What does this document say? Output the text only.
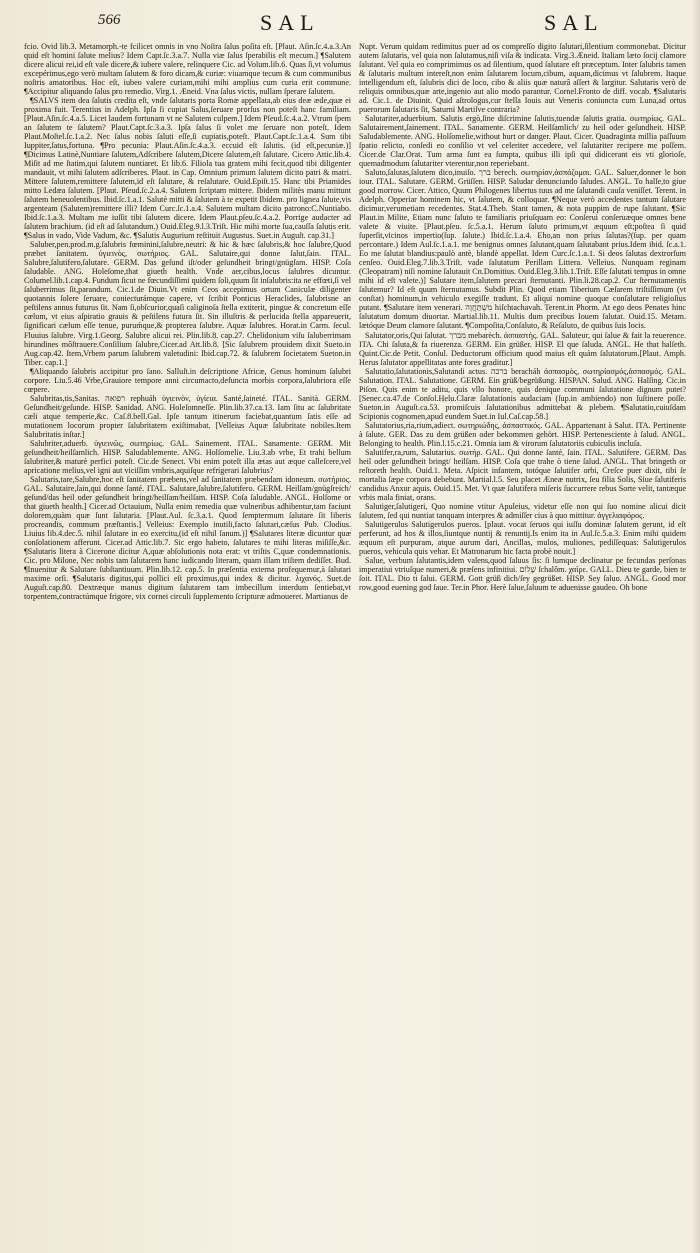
566	SAL	SAL

fcio. Ovid lib.3. Metamorph.-te fcilicet omnis in vno Noſtra ſalus poſita eſt. [Plaut. Aſin.ſc.4.a.3.An quid eſt homini ſalute melius? Idem Capt.ſc.3.a.7. Nulla viæ ſalus ſperabilis eſt mecum.] ¶Salutem dicere alicui rei,id eſt vale dicere,& iubere valere, relinquere Cic. ad Volum.lib.6. Quas ſi,vt volumus excepérimus,ego verò multam ſalutem & foro dicam,& curiæ: viuamque tecum & cum communibus noſtris amatoribus. Hoc eſt, iubeo valere curiam,mihi mihi amplius cum curia erit commune. ¶Accipitur aliquando ſalus pro remedio. Virg.1. Æneid. Vna ſalus victis, nullam ſperare ſalutem.

¶SALVS item dea ſalutis credita eſt, vnde ſalutaris porta Romæ appellata,ab eius deæ æde,quæ ei proxima fuit. Terentius in Adelph. Ipſa ſi cupiat Salus,ſeruare prorſus non poteſt hanc familiam. [Plaut.Aſin.ſc.4.a.5. Licet laudem fortunam vt ne Salutem culpem.] Idem Pſeud.ſc.4.a.2. Vtrum ſpem an ſalutem te ſalutem? Plaut.Capt.ſc.3.a.3. Ipſa ſalus ſi volet me ſeruare non poteſt. Idem Plaut.Moſtel.ſc.1.a.2. Nec ſalus nobis ſaluti eſſe,ſi cupiatis,poteſt. Plaut.Capt.ſc.1.a.4. Sum tibi Iuppiter,ſatus,fortuna. ¶Pro pecunia: Plaut.Aſin.ſc.4.a.3. eccuid eſt ſalutis. (id eſt,pecuniæ.)] ¶Dicimus Latinè,Nuntiare ſalutem,Adſcribere ſalutem,Dicere ſalutem,eſt ſalutare. Cicero Attic.lib.4. Miſit ad me ſtatim,qui ſalutem nuntiaret. Et lib.6. Filiola tua gratem mihi fecit,quod tibi diligenter mandauit, vt mihi ſalutem adſcriberes. Plaut. in Cap. Omnium primum ſalutem dicito patri & matri. Mittere ſalutem,remittere ſalutem,id eſt ſalutare, & reſalutare. Ouid.Epiſt.15. Hanc tibi Priamides mitto Ledæa ſalutem. [Plaut. Pſeud.ſc.2.a.4. Salutem ſcriptam mittere. Ibidem militès manu mittunt ſalutem beneuolentibus. Ibid.ſc.1.a.1. Salutè mitti & ſalutem à te expetit Ibidem. pro lignea ſalute,vis argenteam (Salutem)remittere illi? Idem Curc.ſc.1.a.4. Salutem multam dicito patrono:C.Nuntiabo. Ibid.ſc.1.a.3. Multam me iuſſit tibi ſalutem dicere. Idem Plaut.pſeu.ſc.4.a.2. Porrige audacter ad ſalutem brachium. (id eſt ad ſalutandum.) Ouid.Eleg.9.l.3.Triſt. Hic mihi morte ſua,cauſſa ſalutis erit. ¶Salus in vado, Vide Vadum, &c. ¶Salutis Augurium reſtituit Augustus. Suet.in Auguſt. cap.31.]

Saluber,pen.prod.m.g.ſalubris fœminini,ſalubre,neutri: & hic & hæc ſalubris,& hoc ſalubre,Quod præbet ſanitatem. ὑγιεινὸς, σωτήριος. GAL. Salutaire,qui donne ſalut,ſain. ITAL. Salubre,ſalutifero,ſalutare. GERM. Das geſund iſt/oder geſundheit bringt/gnügſam. HISP. Coſa ſaludable. ANG. Holeſome,that giueth health. Vnde aer,cibus,locus ſalubres dicuntur. Columel.lib.1.cap.4. Fundum ſicut ne fœcundiſſimi quidem ſoli,quum ſit inſalubris:ita ne effœti,ſi vel ſaluberrimus ſit,parandum. Cic.1.de Diuin.Vt enim Ceos accepimus ortum Caniculæ diligenter quotannis ſolere ſeruare, coniecturámque capere, vt ſcribit Ponticus Heraclides, ſalubrisne an peſtilens annus futurus ſit. Nam ſi,obſcurior,quaſi caliginoſa ſtella extiterit, pingue & concretum eſſe cælum, vt eius aſpiratio grauis & peſtilens futura ſit. Sin illuſtris & perlucida ſtella appareuerit, ſignificari cælum eſſe tenue, puruḿque,& propterea ſalubre. Aquæ ſalubres. Horat.in Carm. ſecul. Fluuius ſalubre. Virg.1.Georg. Salubre alicui rei. Plin.lib.8. cap.27. Chelidonium viſu ſaluberrimam hirundines mõſtrauere.Conſilium ſalubre,Cicer.ad Att.lib.8. [Sic ſalubrem prouidem dixit Sueto.in Aug.cap.42. Item,Vrbem parum ſalubrem valetudini: Ibid.cap.72. & ſalubrem ſocietatem Sueton.in Tiber. cap.1.]

¶Aliquando ſalubris accipitur pro ſano. Salluſt.in deſcriptione Africæ, Genus hominum ſalubri corpore. Liu.5.46 Vrbe,Grauiore tempore anni circumacto,defuncta morbis corpora,ſalubriora eſſe cœpere.

Salubritas,tis,Sanitas. רפואה rephuáh ὑγιεινὸν, ὑγίεια. Santé,ſaineté. ITAL. Sanità. GERM. Geſundheit/geſunde. HISP. Sanidad. ANG. Holeſomneſſe. Plin.lib.37.ca.13. Iam ſitu ac ſalubritate cæli atque temperie,&c. Caſ.8.bell.Gal. Ipſe tantum itinerum faciebat,quantum ſatis eſſe ad mutationem locorum propter ſalubritatem exiſtimabat. [Velleius Aquæ ſalubritate nobiles.Item Salubritatis inſtar.]

Salubriter,aduerb. ὑγιεινῶς, σωτηρίως. GAL. Sainement. ITAL. Sanamente. GERM. Mit geſundheit/heilſamlich. HISP. Saludablemente. ANG. Holſomelie. Liu.3.ab vrbe, Et trahi bellum ſalubriter,& maturè perfici poteſt. Cic.de Senect. Vbi enim poteſt illa ætas aut æque calleſcere,vel apricatione melius,vel igni aut viciſſim vmbris,aquiſque refrigerari ſalubrius?

Salutaris,tare,Salubre,hoc eſt ſanitatem præbens,vel ad ſanitatem præbendam idoneum. σωτήριος. GAL. Salutaire,ſain,qui donne ſanté. ITAL. Salutare,ſalubre,ſalutifero. GERM. Heilſam/gnügſreich/ geſund/das heil oder geſundheit bringt/heilſam/heilſam. HISP. Coſa ſaludable. ANGL. Holſome or that giueth health.] Cicer.ad Octauium, Nulla enim remedia quæ vulneribus adhibentur,tam faciunt dolorem,quàm quæ ſunt ſalutaria. [Plaut.Aul. ſc.3.a.1. Quod ſemptermum ſalutare ſit liberis procreandis, commum præſtantis.] Velleius: Exemplo inutili,facto ſalutari,cæſus Pub. Clodius. Liuius lib.4.dec.5. nihil ſalutare in eo exercitu,(id eſt nihil ſanum.)] ¶Salutares literæ dicuntur quæ conſolationem afferunt. Cicer.ad Attic.lib.7. Sic ergo habeto, ſalutares te mihi literas miſiſſe,&c. ¶Salutaris litera à Cicerone dicitur A,quæ abſolutionis nota erat: vt triſtis C,quæ condemnationis. Cic. pro Milone, Nec nobis tam ſalutarem hanc iudicando literam, quam illam triſtem dediſſet. Bud. ¶Inuenitur & Salutare ſubſtantiuum. Plin.lib.12. cap.5. In præſentia externa profequemur,à ſalutari maxime orſi. ¶Salutaris digitus,qui pollici eſt proximus,qui index & dicitur. λιχανός. Suet.de Auguſt.cap.80. Dextræque manus digitum ſalutarem tam imbecillum interdum ſentiebat,vt torpentem,contractúmque frigore, vix cornei circuli ſupplemento ſcripturæ admoueret. Martianus de

Nupt. Verum quidam redimitus puer ad os compreſſo digito ſalutari,ſilentium commonebat. Dicitur autem ſalutaris, vel quia non ſalutamus,niſi viſa & indicata. Virg.3.Æneid. Italiam læto ſocij clamore ſalutant. Vel quia eo comprimimus os ad ſilentium, quod ſalutare eſt præceptum. Inter ſalubris tamen & ſalutaris multum intereſt,non enim ſalutarem locum,cibum, aquam,dicimus vt ſalubrem. Itaque intelligendum eſt, ſalubris dici de loco, cibo & aliis quæ naturâ aſſert & largitur. Salutaris verò de reliquis omnibus,quæ arte,ingenio aut alio modo parantur. Cornel.Fronto de diff. vocab. ¶Salutaris ad. Cic.1. de Diuinit. Quid aſtrologus,cur ſtella Iouis aut Veneris coniuncta cum Luna,ad ortus puerorum ſalutaris ſit, Saturni Martiſve contraria?

Salutariter,aduerbium. Salutis ergò,ſine diſcrimine ſalutis,tuendæ ſalutis gratia. σωτηρίως. GAL. Salutairement,ſainement. ITAL. Sanamente. GERM. Heilſamlich/ zu heil oder geſundheit. HISP. Saludablemente. ANG. Holſomelie,without hurt or danger. Plaut. Cicer. Quadraginta millia paſſuum ſpatio relicto, conſedi eo conſilio vt vel celeriter accedere, vel ſalutariter recipere me poſſem. Cicer.de Clar.Orat. Tum arma ſunt ea ſumpta, quibus illi ipſi qui didicerant eis vti glorioſe, quemadmodum ſalutariter vterentur,non reperiebant.

Saluto,ſalutas,ſalutem dico,inuiſo. ברך berech. σωτηρίαν,ἀσπάζομαι. GAL. Saluer,donner le bon iour. ITAL. Salutare. GERM. Grüſſen. HISP. Saludar denunciando ſaludes. ANGL. To halſe,to giue good morrow. Cicer. Attico, Quum Philogenes libertus tuus ad me ſalutandi cauſa veniſſet. Terent. in Adelph. Opperiar hominem hic, vt ſalutem, & colloquar. ¶Neque verò accedentes tantum ſalutare dicimur,verumetiam recedentes. Stat.4.Theb. Stant tamen, & nota puppim de rupe ſalutant. ¶Sic Plaut.in Milite, Etiam nunc ſaluto te familiaris priuſquam eo: Conſerui conſeruæque omnes bene valete & viuite. [Plaut.pſeu. ſc.5.a.1. Herum ſaluto primum,vt æquum eſt;poſtea ſi quid ſuperſit,vicinos impertio(ſup. ſalute.) Ibid.ſc.1.a.4. Eho,an non prius ſalutas?(ſup. per quam percontare.) Idem Aul.ſc.1.a.1. me benignus omnes ſalutant,quam ſalutabant prius.Idem ibid. ſc.a.1. Eo me ſalutat blandius:paulò antè, blandè appellat. Idem Curc.ſc.1.a.1. Si deos ſalutas dextrorſum cenſeo. Ouid.Eleg.7.lib.3.Triſt. vade ſalutatum Perillam Littera. Velleius. Nunquam reginam (Cleopatram) niſi nomine ſalutauit Cn.Domitius. Ouid.Eleg.3.lib.1.Triſt. Eſſe ſalutati tempus in omne mihi id eſt valete.)] Salutare item,ſalutem precari ſternutanti. Plin.li.28.cap.2. Cur ſternutamentis ſalutemur? Id eſt quum ſternutamus. Subdit Plin. Quod etiam Tiberium Cæſarem triſtiſſimum (vt conſtat) hominum,in vehiculo exegiſſe tradunt. Et aliqui nomine quoque conſalutare religioſius putant. ¶Salutare item venerari. מִשְׁתַּחֲוֶה hiſchtachavah. Terent.in Phorm. At ego deos Penates hinc ſalutatum domum diuortar. Martial.lib.11. Multis dum precibus Iouem ſalutat. Ouid.15. Metam. lætóque Deum clamore ſalutant. ¶Compoſita,Conſaluto, & Reſaluto, de quibus ſuis locis.

Salutator,oris,Qui ſalutat. מברך mebarèch. ἀσπαστὴς. GAL. Saluteur, qui ſalue & fait la reuerence. ITA. Chi ſaluta,& fa riuerenza. GERM. Ein grüßer. HISP. El que ſaluda. ANGL. He that halſeth. Quint.Cic.de Petit. Conſul. Deductorum officium quod maius eſt quàm ſalutatorum.[Plaut. Amph. Herus ſalutator appellitatas ante fores graditur.]

Salutatio,ſalutationis,Salutandi actus. ברכה beracháh ἀσπασμὸς, σωτηρίασμός,ἀσπασμός. GAL. Salutation. ITAL. Salutatione. GERM. Ein grüß/begrüßung. HISPAN. Salud. ANG. Halſing. Cic.in Piſon. Quis enim te aditu, quis vllo honore, quis denique communi ſalutatione dignum putet? [Senec.ca.47.de Conſol.Helu.Claræ ſalutationis audaciam (ſup.in ambiendo) non ſuſtinere poſſe. Sueton.in Auguſt.ca.53. promiſcuis ſalutationibus admittebat & plebem. ¶Salutatio,cuiuſdam Scipionis cognomen,apud eundem Suet.in Iul.Caſ.cap.58.]

Salutatorius,ria,rium,adiect. σωτηριώδης, ἀσπαστικός. GAL. Appartenant à Salut. ITA. Pertinente à ſalute. GER. Das zu dem grüßen oder bekommen gehört. HISP. Pertenesciente à ſalud. ANGL. Belonging to health. Plin.l.15.c.21. Omnia iam & virorum ſalutatoriis cubiculis incluſa.

Salutifer,ra,rum, Salutarius. σωτήρ. GAL. Qui donne ſanté, ſain. ITAL. Salutifere. GERM. Das heil oder geſundheit bringt/ heilſam. HISP. Coſa que trahe ò tiene ſalud. ANGL. That bringeth or reſtoreth health. Ouid.1. Meta. Aſpicit infantem, totóque ſalutifer orbi, Creſce puer dixit, tibi ſe mortalia ſæpe corpora debebunt. Martial.l.5. Seu placet Æneæ nutrix, ſeu filia Solis, Siue ſalutiferis candidus Anxur aquis. Ouid.15. Met. Vt quæ ſalutifera miſeris ſuccurrere rebus Sorte velit, tantæque vrbis mala finiat, orans.

Salutiger,ſalutigeri, Quo nomine vtitur Apuleius, videtur eſſe non qui ſuo nomine alicui dicit ſalutem, ſed qui nuntiat tanquam interpres & admiſſer cius à quo mittitur. ἀγγελιαφόρος.

Salutigerulus Salutigerulos pueros. [plaut. vocat ſeruos qui iuſſu dominæ ſalutem gerunt, id eſt perferunt, ad hos & illos,ſiuntque nuntij & renuntij.Is enim ita in Aul.ſc.5.a.3. Enim mihi quidem æquum eſt purpuram, atque aurum dari, Ancillas, mulos, muliones, pediſſequas: Salutigerulos pueros, vehicula quis vehar. Et Matronarum hic facta probè nouit.]

Salue, verbum ſalutantis,idem valens,quod ſaluus ſis: ſi lumque declinatur pe fecundas perſonas imperatiui vtriuſque numeri,& præſens infinitiui. שָׁלוֹם ſchalôm. χαῖρε. GALL. Dieu te garde, bien te ſoit. ITAL. Dio ti ſalui. GERM. Gott grüß dich/ſey gegrüßet. HISP. Sey ſaluo. ANGL. Good mor row,good euening god ſaue. Ter.in Phor. Herè ſalue,ſaluum te aduenisse gaudeo. Oh bone
